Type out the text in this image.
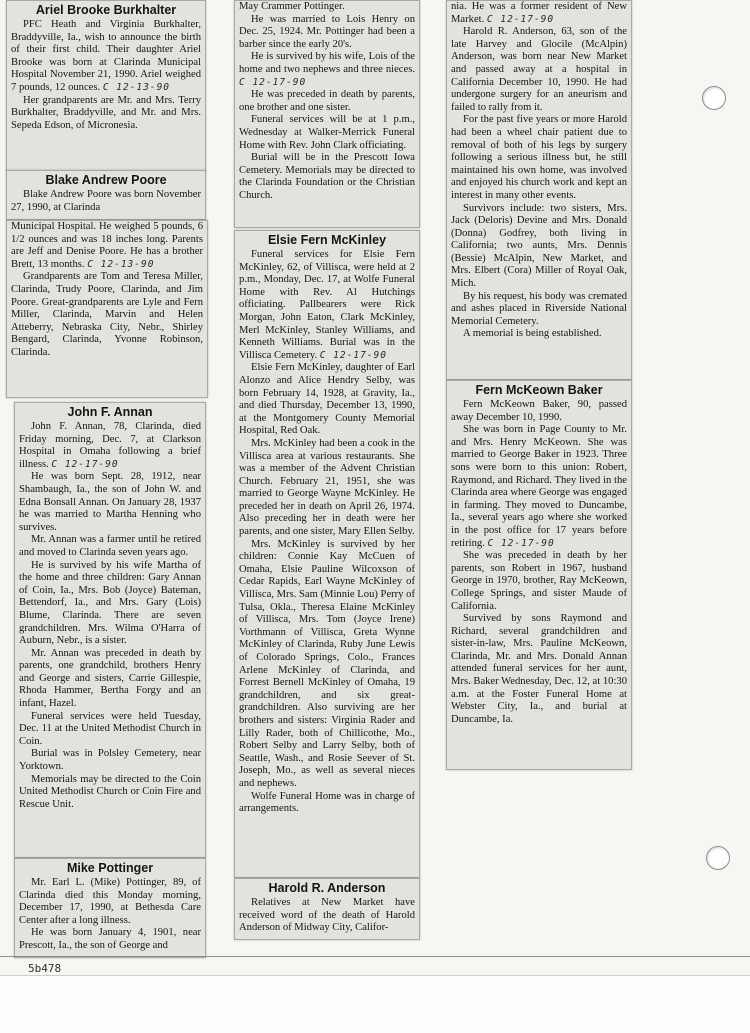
Ariel Brooke Burkhalter

PFC Heath and Virginia Burkhalter, Braddyville, Ia., wish to announce the birth of their first child. Their daughter Ariel Brooke was born at Clarinda Municipal Hospital November 21, 1990. Ariel weighed 7 pounds, 12 ounces. C 12-13-90

Her grandparents are Mr. and Mrs. Terry Burkhalter, Braddyville, and Mr. and Mrs. Sepeda Edson, of Micronesia.

Blake Andrew Poore

Blake Andrew Poore was born November 27, 1990, at Clarinda

Municipal Hospital. He weighed 5 pounds, 6 1/2 ounces and was 18 inches long. Parents are Jeff and Denise Poore. He has a brother Brett, 13 months. C 12-13-90

Grandparents are Tom and Teresa Miller, Clarinda, Trudy Poore, Clarinda, and Jim Poore. Great-grandparents are Lyle and Fern Miller, Clarinda, Marvin and Helen Atteberry, Nebraska City, Nebr., Shirley Bengard, Clarinda, Yvonne Robinson, Clarinda.

John F. Annan

John F. Annan, 78, Clarinda, died Friday morning, Dec. 7, at Clarkson Hospital in Omaha following a brief illness. C 12-17-90

He was born Sept. 28, 1912, near Shambaugh, Ia., the son of John W. and Edna Bonsall Annan. On January 28, 1937 he was married to Martha Henning who survives.

Mr. Annan was a farmer until he retired and moved to Clarinda seven years ago.

He is survived by his wife Martha of the home and three children: Gary Annan of Coin, Ia., Mrs. Bob (Joyce) Bateman, Bettendorf, Ia., and Mrs. Gary (Lois) Blume, Clarinda. There are seven grandchildren. Mrs. Wilma O'Harra of Auburn, Nebr., is a sister.

Mr. Annan was preceded in death by parents, one grandchild, brothers Henry and George and sisters, Carrie Gillespie, Rhoda Hammer, Bertha Forgy and an infant, Hazel.

Funeral services were held Tuesday, Dec. 11 at the United Methodist Church in Coin.

Burial was in Polsley Cemetery, near Yorktown.

Memorials may be directed to the Coin United Methodist Church or Coin Fire and Rescue Unit.

Mike Pottinger

Mr. Earl L. (Mike) Pottinger, 89, of Clarinda died this Monday morning, December 17, 1990, at Bethesda Care Center after a long illness.

He was born January 4, 1901, near Prescott, Ia., the son of George and

May Crammer Pottinger.

He was married to Lois Henry on Dec. 25, 1924. Mr. Pottinger had been a barber since the early 20's.

He is survived by his wife, Lois of the home and two nephews and three nieces. C 12-17-90

He was preceded in death by parents, one brother and one sister.

Funeral services will be at 1 p.m., Wednesday at Walker-Merrick Funeral Home with Rev. John Clark officiating.

Burial will be in the Prescott Iowa Cemetery. Memorials may be directed to the Clarinda Foundation or the Christian Church.

Elsie Fern McKinley

Funeral services for Elsie Fern McKinley, 62, of Villisca, were held at 2 p.m., Monday, Dec. 17, at Wolfe Funeral Home with Rev. Al Hutchings officiating. Pallbearers were Rick Morgan, John Eaton, Clark McKinley, Merl McKinley, Stanley Williams, and Kenneth Williams. Burial was in the Villisca Cemetery. C 12-17-90

Elsie Fern McKinley, daughter of Earl Alonzo and Alice Hendry Selby, was born February 14, 1928, at Gravity, Ia., and died Thursday, December 13, 1990, at the Montgomery County Memorial Hospital, Red Oak.

Mrs. McKinley had been a cook in the Villisca area at various restaurants. She was a member of the Advent Christian Church. February 21, 1951, she was married to George Wayne McKinley. He preceded her in death on April 26, 1974. Also preceding her in death were her parents, and one sister, Mary Ellen Selby.

Mrs. McKinley is survived by her children: Connie Kay McCuen of Omaha, Elsie Pauline Wilcoxson of Cedar Rapids, Earl Wayne McKinley of Villisca, Mrs. Sam (Minnie Lou) Perry of Tulsa, Okla., Theresa Elaine McKinley of Villisca, Mrs. Tom (Joyce Irene) Vorthmann of Villisca, Greta Wynne McKinley of Clarinda, Ruby June Lewis of Colorado Springs, Colo., Frances Arlene McKinley of Clarinda, and Forrest Bernell McKinley of Omaha, 19 grandchildren, and six great-grandchildren. Also surviving are her brothers and sisters: Virginia Rader and Lilly Rader, both of Chillicothe, Mo., Robert Selby and Larry Selby, both of Seattle, Wash., and Rosie Seever of St. Joseph, Mo., as well as several nieces and nephews.

Wolfe Funeral Home was in charge of arrangements.

Harold R. Anderson

Relatives at New Market have received word of the death of Harold Anderson of Midway City, Califor-

nia. He was a former resident of New Market. C 12-17-90

Harold R. Anderson, 63, son of the late Harvey and Glocile (McAlpin) Anderson, was born near New Market and passed away at a hospital in California December 10, 1990. He had undergone surgery for an aneurism and failed to rally from it.

For the past five years or more Harold had been a wheel chair patient due to removal of both of his legs by surgery following a serious illness but, he still maintained his own home, was involved and enjoyed his church work and kept an interest in many other events.

Survivors include: two sisters, Mrs. Jack (Deloris) Devine and Mrs. Donald (Donna) Godfrey, both living in California; two aunts, Mrs. Dennis (Bessie) McAlpin, New Market, and Mrs. Elbert (Cora) Miller of Royal Oak, Mich.

By his request, his body was cremated and ashes placed in Riverside National Memorial Cemetery.

A memorial is being established.

Fern McKeown Baker

Fern McKeown Baker, 90, passed away December 10, 1990.

She was born in Page County to Mr. and Mrs. Henry McKeown. She was married to George Baker in 1923. Three sons were born to this union: Robert, Raymond, and Richard. They lived in the Clarinda area where George was engaged in farming. They moved to Duncambe, Ia., several years ago where she worked in the post office for 17 years before retiring. C 12-17-90

She was preceded in death by her parents, son Robert in 1967, husband George in 1970, brother, Ray McKeown, College Springs, and sister Maude of California.

Survived by sons Raymond and Richard, several grandchildren and sister-in-law, Mrs. Pauline McKeown, Clarinda, Mr. and Mrs. Donald Annan attended funeral services for her aunt, Mrs. Baker Wednesday, Dec. 12, at 10:30 a.m. at the Foster Funeral Home at Webster City, Ia., and burial at Duncambe, Ia.

5b478
